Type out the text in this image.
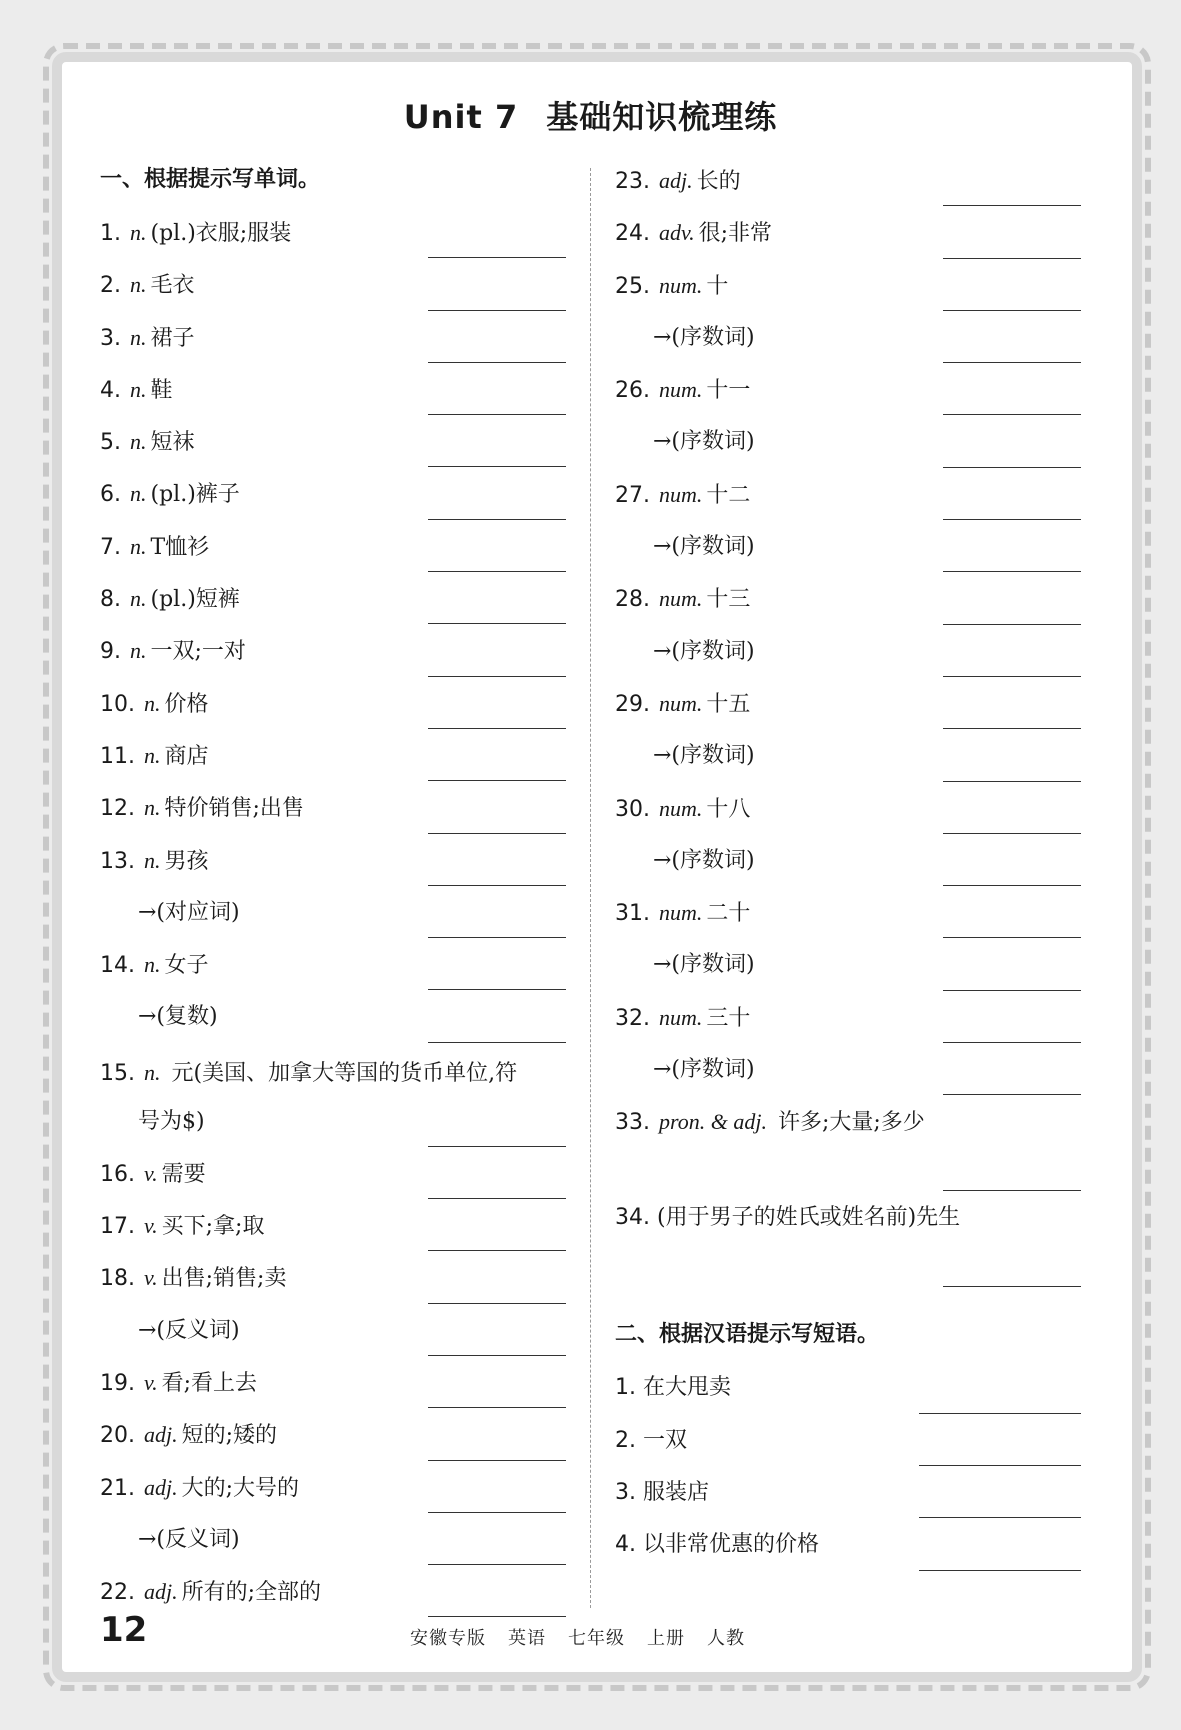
Unit 7 基础知识梳理练
一、根据提示写单词。
1. n. (pl.)衣服;服装
2. n. 毛衣
3. n. 裙子
4. n. 鞋
5. n. 短袜
6. n. (pl.)裤子
7. n. T恤衫
8. n. (pl.)短裤
9. n. 一双;一对
10. n. 价格
11. n. 商店
12. n. 特价销售;出售
13. n. 男孩
→(对应词)
14. n. 女子
→(复数)
15. n. 元(美国、加拿大等国的货币单位,符
号为$)
16. v. 需要
17. v. 买下;拿;取
18. v. 出售;销售;卖
→(反义词)
19. v. 看;看上去
20. adj. 短的;矮的
21. adj. 大的;大号的
→(反义词)
22. adj. 所有的;全部的
23. adj. 长的
24. adv. 很;非常
25. num. 十
→(序数词)
26. num. 十一
→(序数词)
27. num. 十二
→(序数词)
28. num. 十三
→(序数词)
29. num. 十五
→(序数词)
30. num. 十八
→(序数词)
31. num. 二十
→(序数词)
32. num. 三十
→(序数词)
33. pron. & adj. 许多;大量;多少
34. (用于男子的姓氏或姓名前)先生
二、根据汉语提示写短语。
1. 在大甩卖
2. 一双
3. 服装店
4. 以非常优惠的价格
12	安徽专版 英语 七年级 上册 人教
